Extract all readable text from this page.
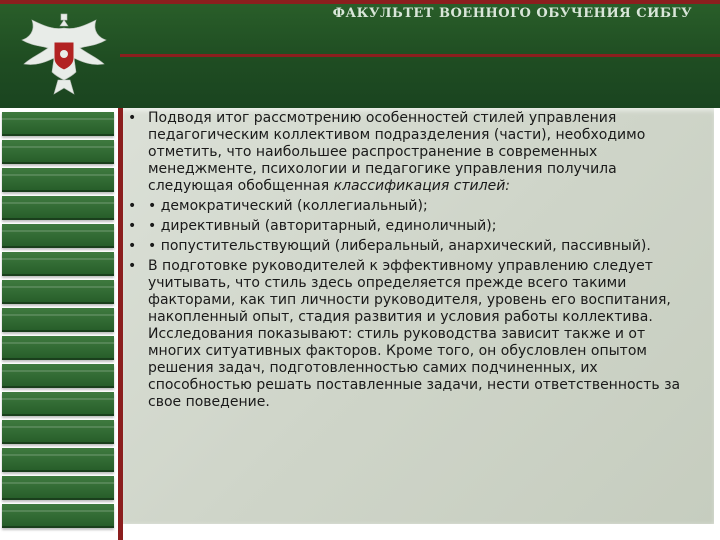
ФАКУЛЬТЕТ ВОЕННОГО ОБУЧЕНИЯ СИБГУ
• Подводя итог рассмотрению особенностей стилей управления педагогическим коллективом подразделения (части), необходимо отметить, что наибольшее распространение в современных менеджменте, психологии и педагогике управления получила следующая обобщенная классификация стилей:
• • демократический (коллегиальный);
• • директивный (авторитарный, единоличный);
• • попустительствующий (либеральный, анархический, пассивный).
• В подготовке руководителей к эффективному управлению следует учитывать, что стиль здесь определяется прежде всего такими факторами, как тип личности руководителя, уровень его воспитания, накопленный опыт, стадия развития и условия работы коллектива. Исследования показывают: стиль руководства зависит также и от многих ситуативных факторов. Кроме того, он обусловлен опытом решения задач, подготовленностью самих подчиненных, их способностью решать поставленные задачи, нести ответственность за свое поведение.
